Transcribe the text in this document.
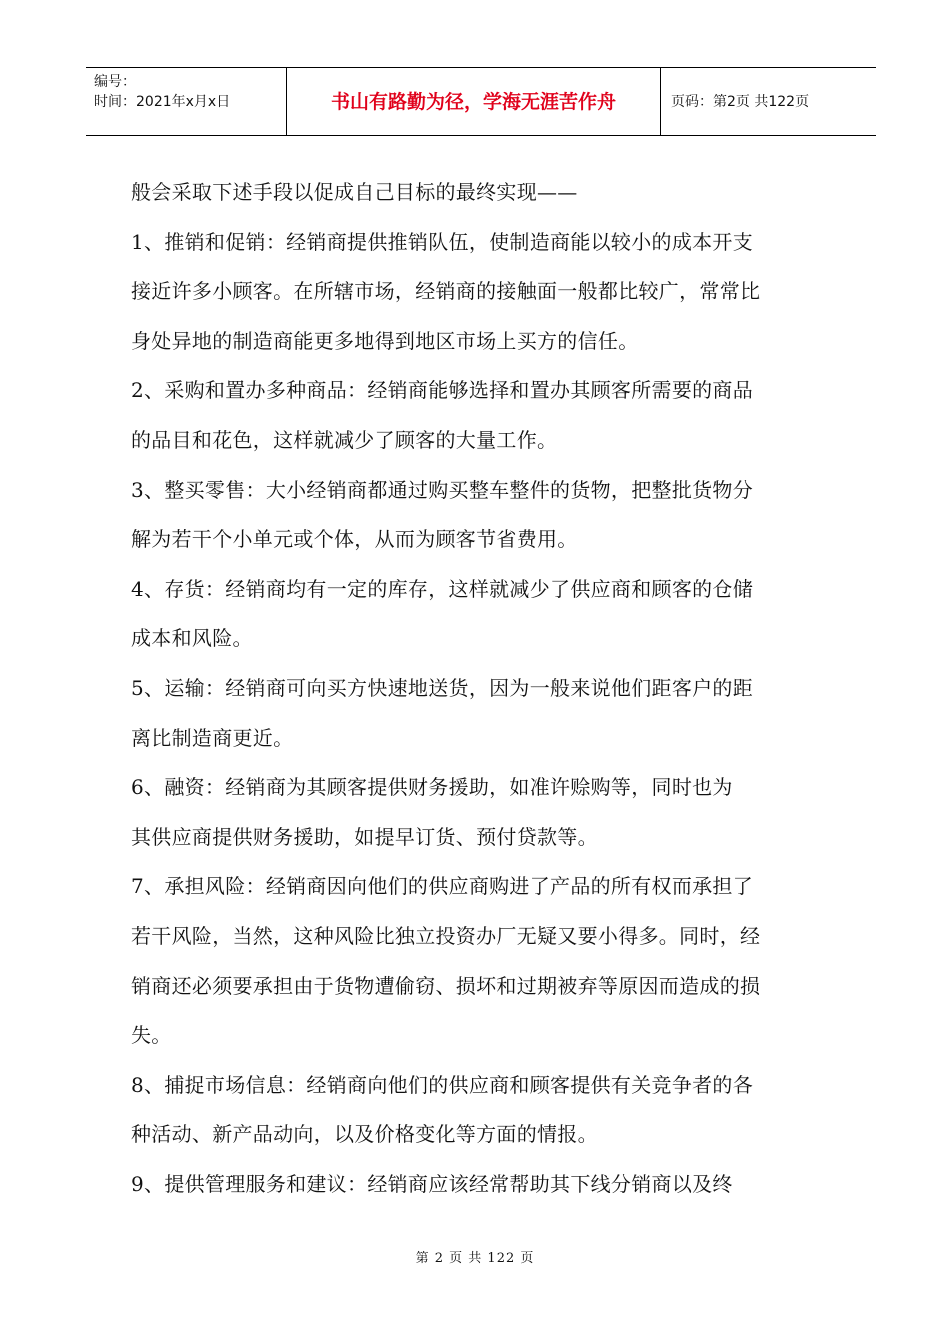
编号：
时间：2021年x月x日	书山有路勤为径，学海无涯苦作舟	页码：第2页 共122页

般会采取下述手段以促成自己目标的最终实现——

1、推销和促销：经销商提供推销队伍，使制造商能以较小的成本开支

接近许多小顾客。在所辖市场，经销商的接触面一般都比较广，常常比

身处异地的制造商能更多地得到地区市场上买方的信任。

2、采购和置办多种商品：经销商能够选择和置办其顾客所需要的商品

的品目和花色，这样就减少了顾客的大量工作。

3、整买零售：大小经销商都通过购买整车整件的货物，把整批货物分

解为若干个小单元或个体，从而为顾客节省费用。

4、存货：经销商均有一定的库存，这样就减少了供应商和顾客的仓储

成本和风险。

5、运输：经销商可向买方快速地送货，因为一般来说他们距客户的距

离比制造商更近。

6、融资：经销商为其顾客提供财务援助，如准许赊购等，同时也为

其供应商提供财务援助，如提早订货、预付贷款等。

7、承担风险：经销商因向他们的供应商购进了产品的所有权而承担了

若干风险，当然，这种风险比独立投资办厂无疑又要小得多。同时，经

销商还必须要承担由于货物遭偷窃、损坏和过期被弃等原因而造成的损

失。

8、捕捉市场信息：经销商向他们的供应商和顾客提供有关竞争者的各

种活动、新产品动向，以及价格变化等方面的情报。

9、提供管理服务和建议：经销商应该经常帮助其下线分销商以及终

第 2 页 共 122 页
